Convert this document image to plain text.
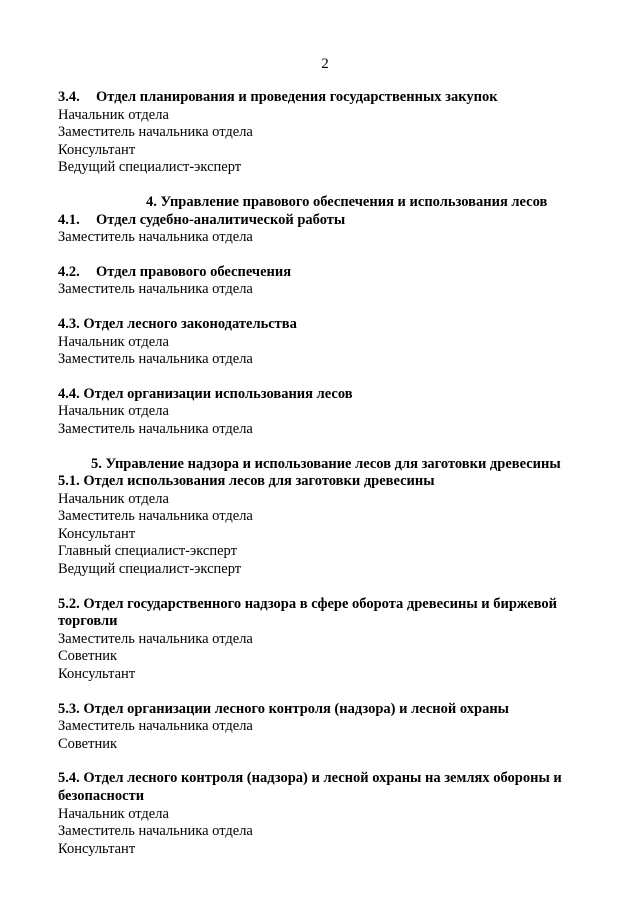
2
3.4. Отдел планирования и проведения государственных закупок
Начальник отдела
Заместитель начальника отдела
Консультант
Ведущий специалист-эксперт
4. Управление правового обеспечения и использования лесов
4.1. Отдел судебно-аналитической работы
Заместитель начальника отдела
4.2. Отдел правового обеспечения
Заместитель начальника отдела
4.3. Отдел лесного законодательства
Начальник отдела
Заместитель начальника отдела
4.4. Отдел организации использования лесов
Начальник отдела
Заместитель начальника отдела
5. Управление надзора и использование лесов для заготовки древесины
5.1. Отдел использования лесов для заготовки древесины
Начальник отдела
Заместитель начальника отдела
Консультант
Главный специалист-эксперт
Ведущий специалист-эксперт
5.2. Отдел государственного надзора в сфере оборота древесины и биржевой торговли
Заместитель начальника отдела
Советник
Консультант
5.3. Отдел организации лесного контроля (надзора) и лесной охраны
Заместитель начальника отдела
Советник
5.4. Отдел лесного контроля (надзора) и лесной охраны на землях обороны и безопасности
Начальник отдела
Заместитель начальника отдела
Консультант
